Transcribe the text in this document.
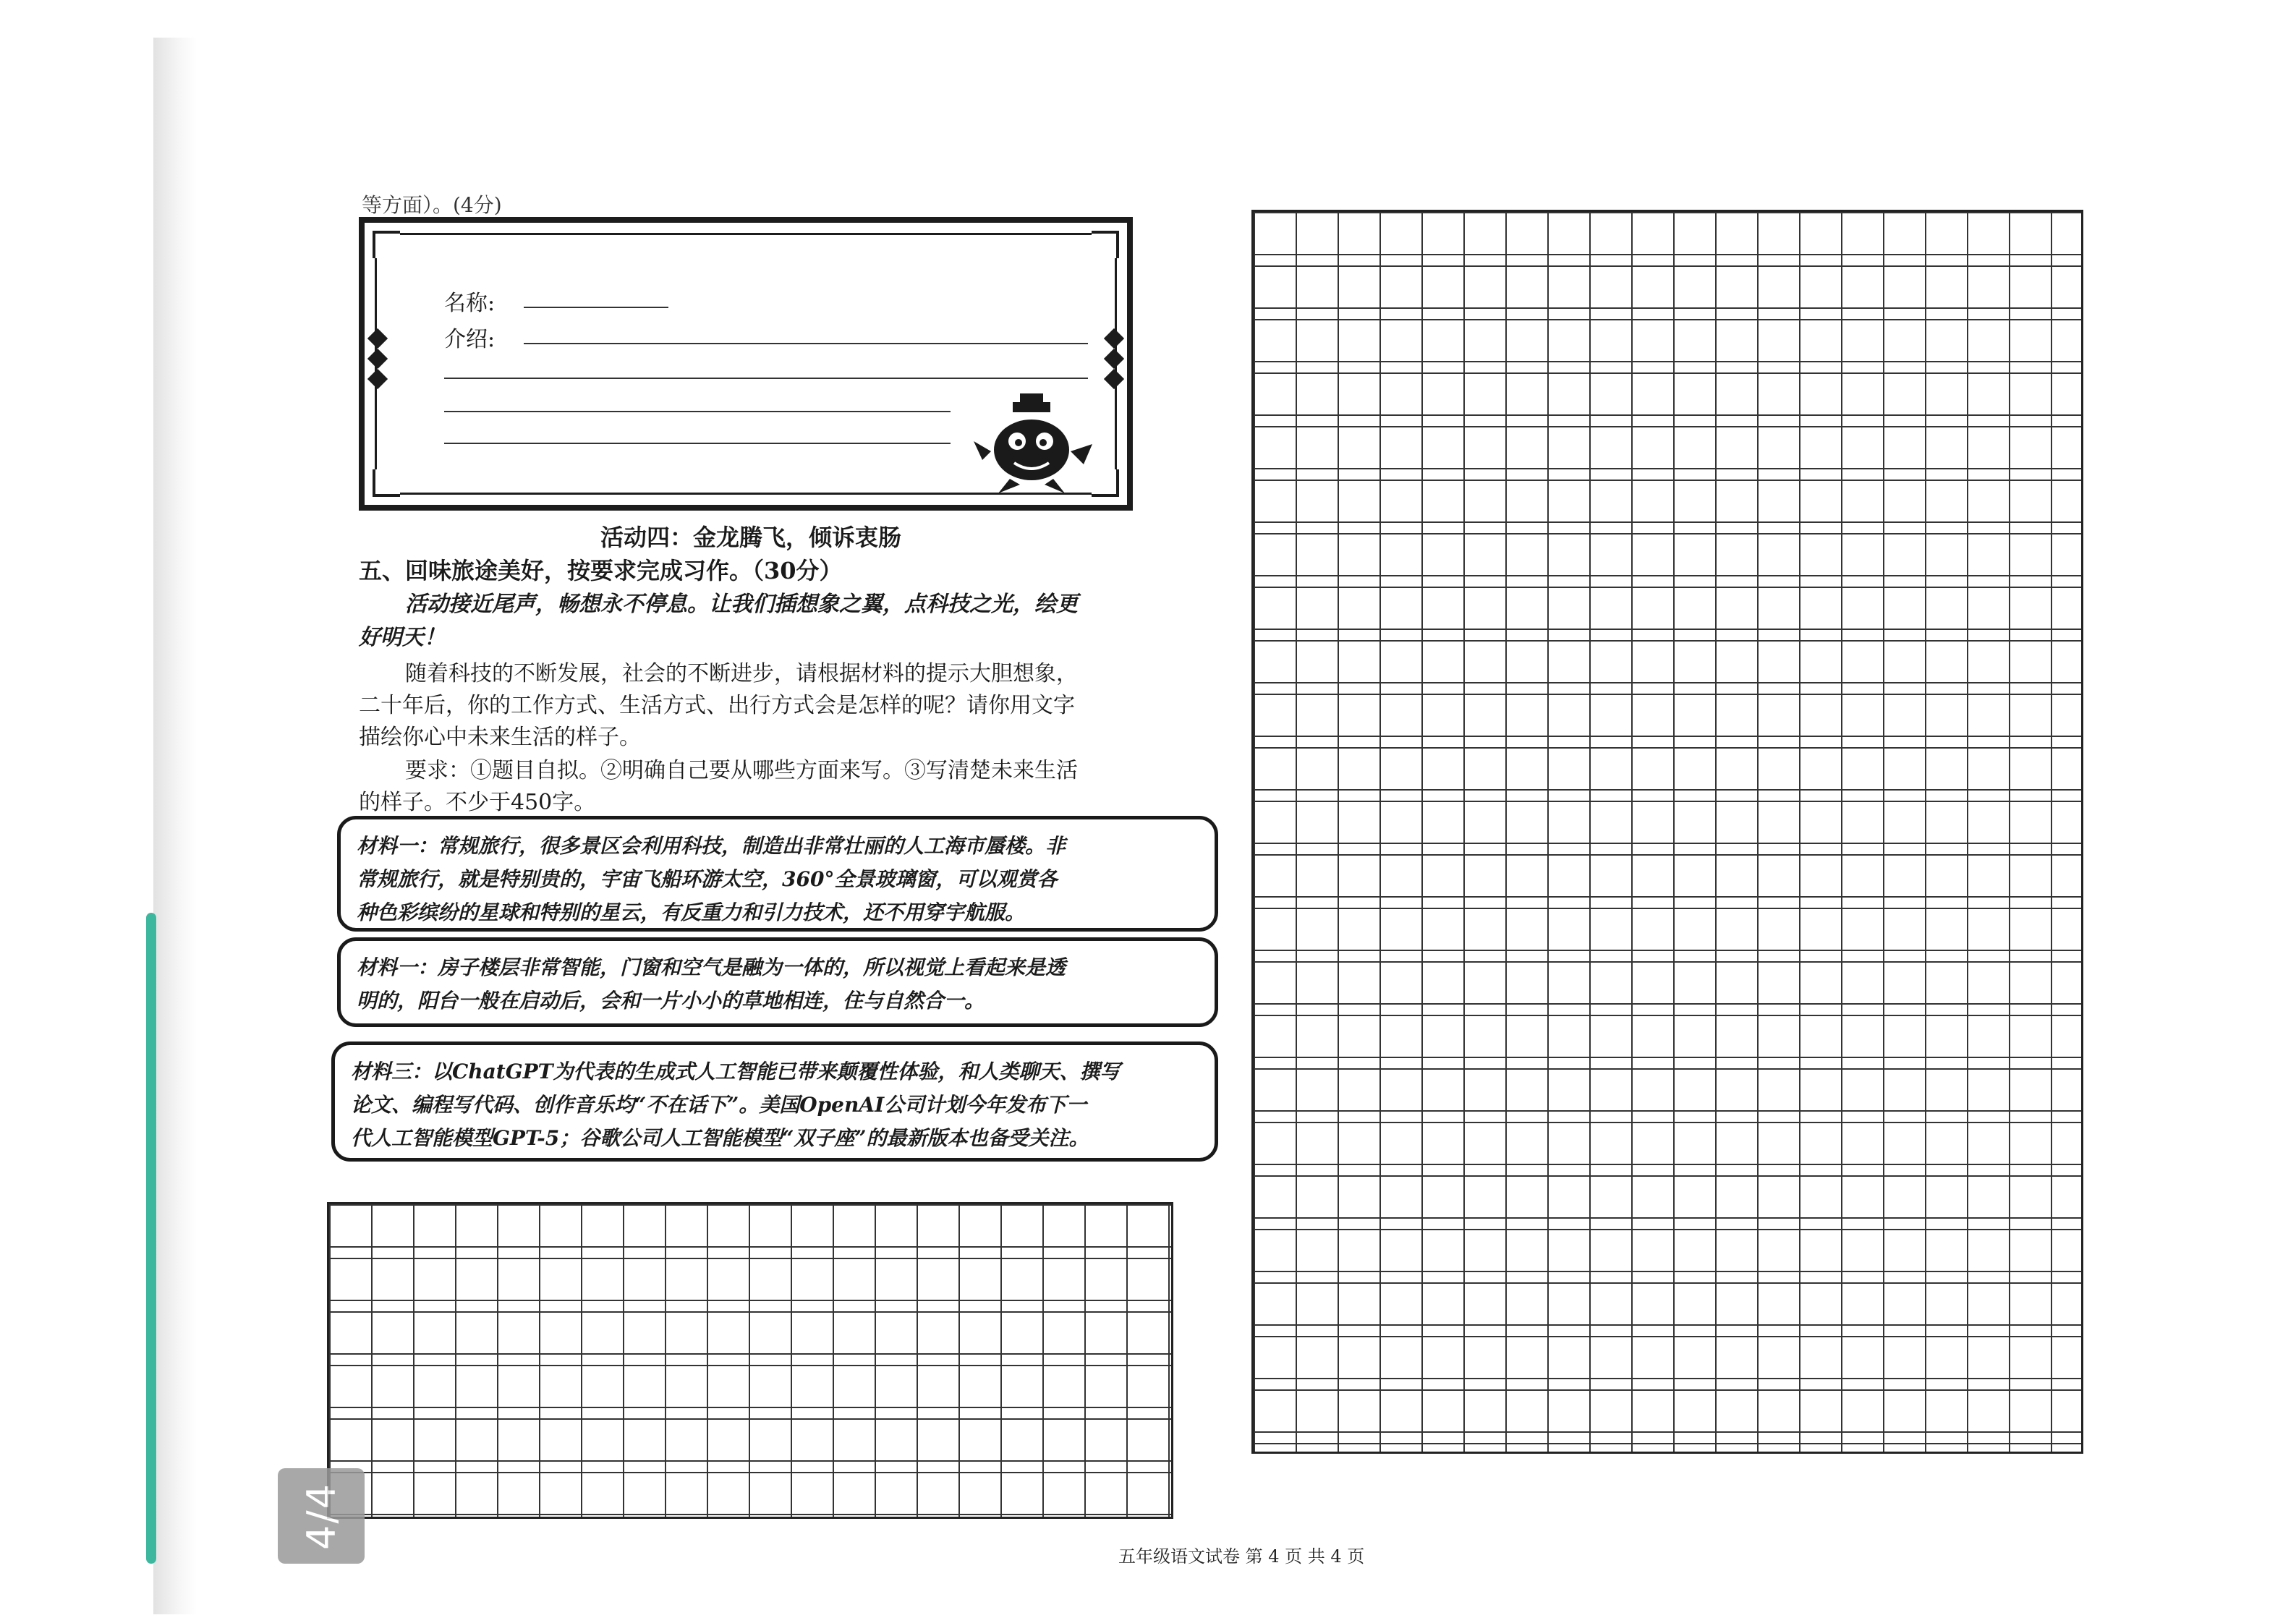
等方面）。(4分)
名称:
介绍:
活动四：金龙腾飞，倾诉衷肠
五、回味旅途美好，按要求完成习作。（30分）
活动接近尾声，畅想永不停息。让我们插想象之翼，点科技之光，绘更
好明天！
随着科技的不断发展，社会的不断进步，请根据材料的提示大胆想象，
二十年后，你的工作方式、生活方式、出行方式会是怎样的呢？请你用文字
描绘你心中未来生活的样子。
要求：①题目自拟。②明确自己要从哪些方面来写。③写清楚未来生活
的样子。不少于450字。
材料一：常规旅行，很多景区会利用科技，制造出非常壮丽的人工海市蜃楼。非
常规旅行，就是特别贵的，宇宙飞船环游太空，360°全景玻璃窗，可以观赏各
种色彩缤纷的星球和特别的星云，有反重力和引力技术，还不用穿宇航服。
材料一：房子楼层非常智能，门窗和空气是融为一体的，所以视觉上看起来是透
明的，阳台一般在启动后，会和一片小小的草地相连，住与自然合一。
材料三：以ChatGPT为代表的生成式人工智能已带来颠覆性体验，和人类聊天、撰写
论文、编程写代码、创作音乐均“不在话下”。美国OpenAI公司计划今年发布下一
代人工智能模型GPT-5；谷歌公司人工智能模型“双子座”的最新版本也备受关注。
4/4
五年级语文试卷 第 4 页 共 4 页
